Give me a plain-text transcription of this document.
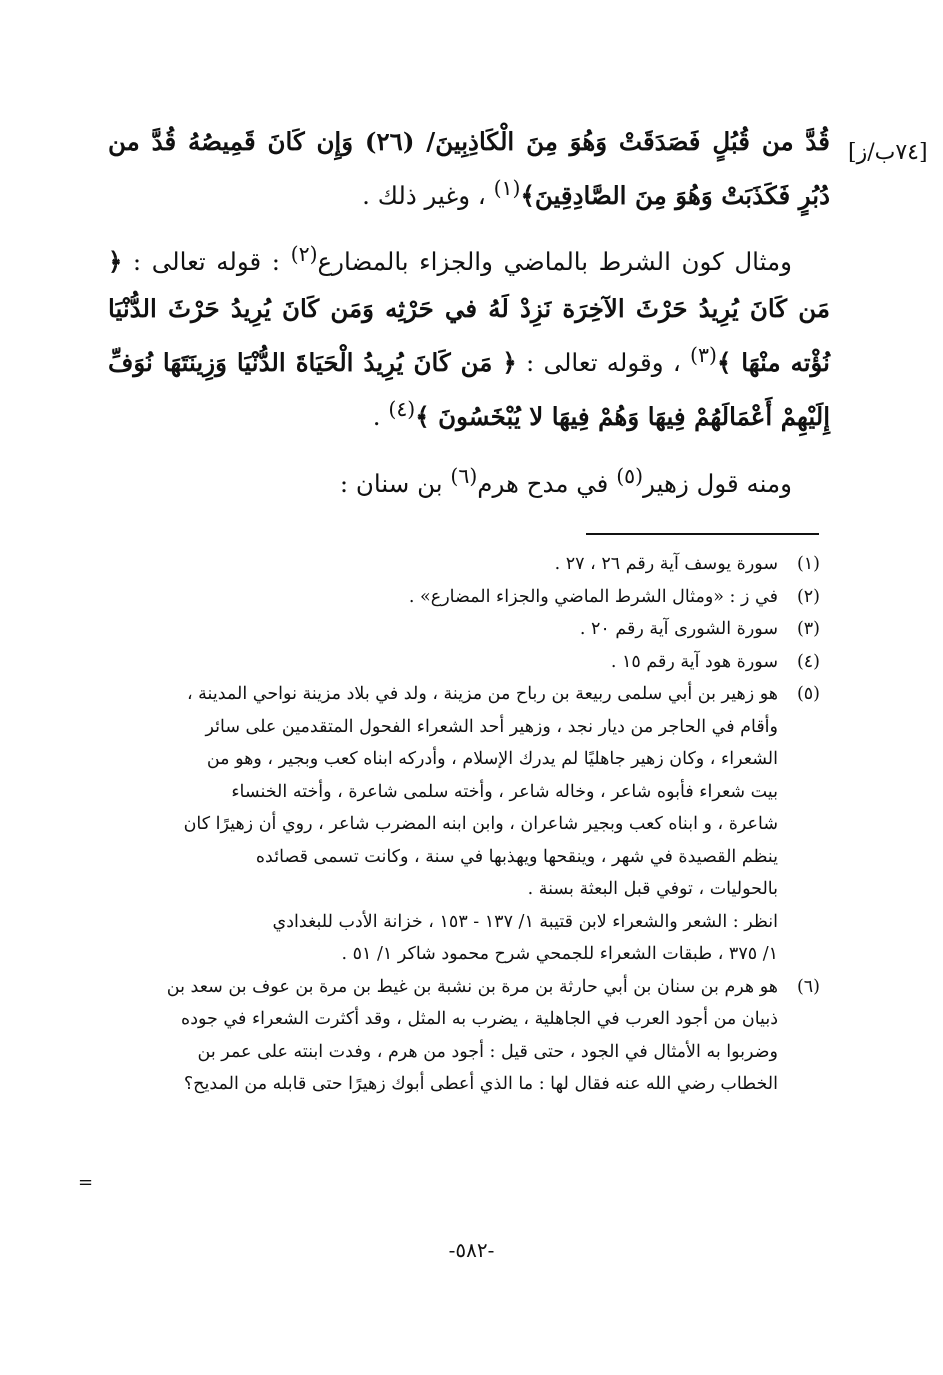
[٧٤ب/ز]

قُدَّ من قُبُلٍ فَصَدَقَتْ وَهُوَ مِنَ الْكَاذِبِينَ/ (٢٦) وَإِن كَانَ قَمِيصُهُ قُدَّ من دُبُرٍ فَكَذَبَتْ وَهُوَ مِنَ الصَّادِقِينَ﴾$^{(١)}$ ، وغير ذلك .

ومثال كون الشرط بالماضي والجزاء بالمضارع$^{(٢)}$ : قوله تعالى : ﴿ مَن كَانَ يُرِيدُ حَرْثَ الآخِرَة نَزِدْ لَهُ في حَرْثِه وَمَن كَانَ يُرِيدُ حَرْثَ الدُّنْيَا نُؤْته منْهَا ﴾$^{(٣)}$ ، وقوله تعالى : ﴿ مَن كَانَ يُرِيدُ الْحَيَاةَ الدُّنْيَا وَزِينَتَهَا نُوَفِّ إِلَيْهِمْ أَعْمَالَهُمْ فِيهَا وَهُمْ فِيهَا لا يُبْخَسُونَ ﴾$^{(٤)}$ .

ومنه قول زهير$^{(٥)}$ في مدح هرم$^{(٦)}$ بن سنان :

(١)
سورة يوسف آية رقم ٢٦ ، ٢٧ .
(٢)
في ز : «ومثال الشرط الماضي والجزاء المضارع» .
(٣)
سورة الشورى آية رقم ٢٠ .
(٤)
سورة هود آية رقم ١٥ .
(٥)
هو زهير بن أبي سلمى ربيعة بن رباح من مزينة ، ولد في بلاد مزينة نواحي المدينة ،
وأقام في الحاجر من ديار نجد ، وزهير أحد الشعراء الفحول المتقدمين على سائر
الشعراء ، وكان زهير جاهليًا لم يدرك الإسلام ، وأدركه ابناه كعب وبجير ، وهو من
بيت شعراء فأبوه شاعر ، وخاله شاعر ، وأخته سلمى شاعرة ، وأخته الخنساء
شاعرة ، و ابناه كعب وبجير شاعران ، وابن ابنه المضرب شاعر ، روي أن زهيرًا كان
ينظم القصيدة في شهر ، وينقحها ويهذبها في سنة ، وكانت تسمى قصائده
بالحوليات ، توفي قبل البعثة بسنة .
انظر : الشعر والشعراء لابن قتيبة ١/ ١٣٧ - ١٥٣ ، خزانة الأدب للبغدادي
١/ ٣٧٥ ، طبقات الشعراء للجمحي شرح محمود شاكر ١/ ٥١ .
(٦)
هو هرم بن سنان بن أبي حارثة بن مرة بن نشبة بن غيط بن مرة بن عوف بن سعد بن
ذبيان من أجود العرب في الجاهلية ، يضرب به المثل ، وقد أكثرت الشعراء في جوده
وضربوا به الأمثال في الجود ، حتى قيل : أجود من هرم ، وفدت ابنته على عمر بن
الخطاب رضي الله عنه فقال لها : ما الذي أعطى أبوك زهيرًا حتى قابله من المديح؟
=
-٥٨٢-
